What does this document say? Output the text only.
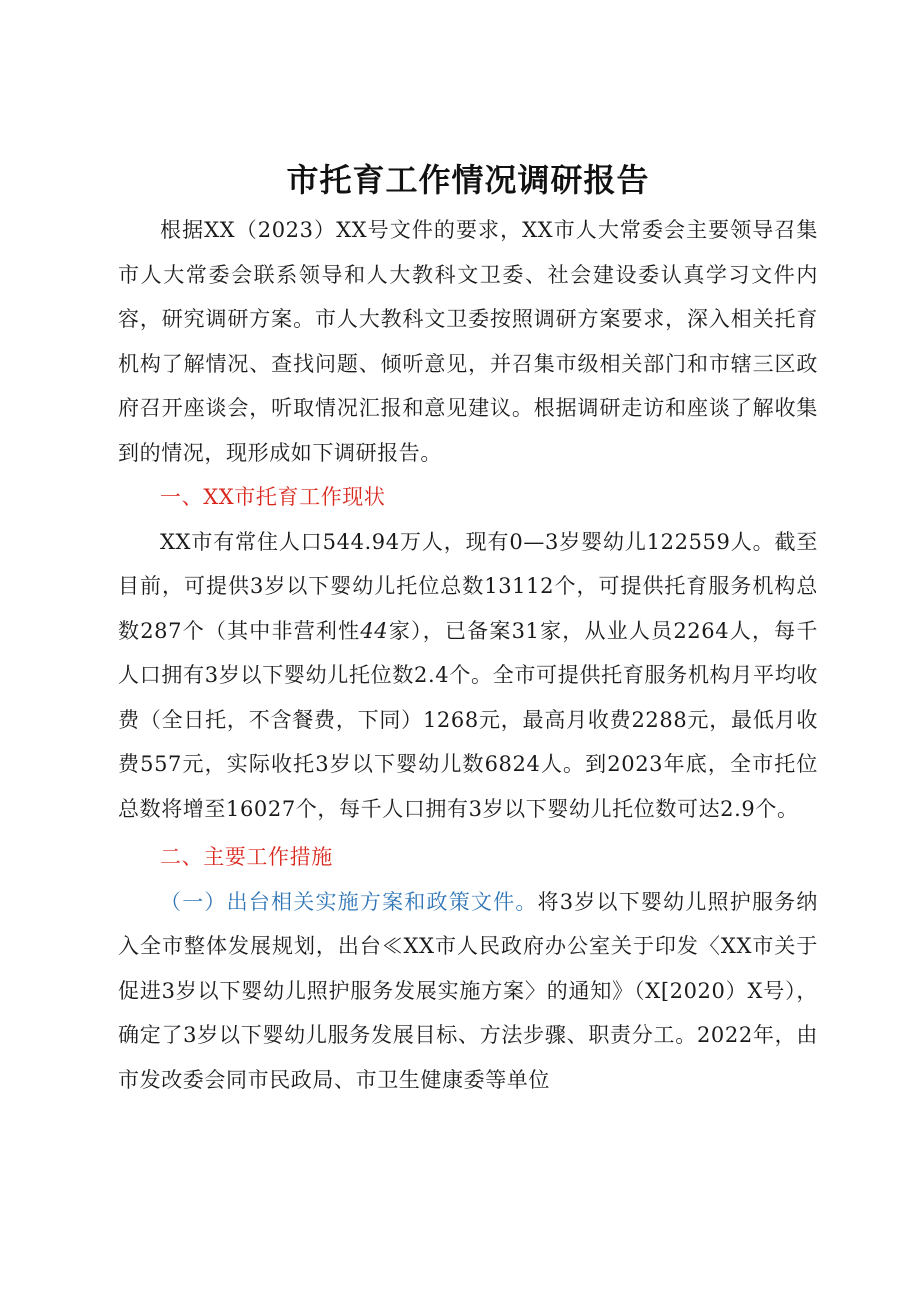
市托育工作情况调研报告

根据XX（2023）XX号文件的要求，XX市人大常委会主要领导召集市人大常委会联系领导和人大教科文卫委、社会建设委认真学习文件内容，研究调研方案。市人大教科文卫委按照调研方案要求，深入相关托育机构了解情况、查找问题、倾听意见，并召集市级相关部门和市辖三区政府召开座谈会，听取情况汇报和意见建议。根据调研走访和座谈了解收集到的情况，现形成如下调研报告。

一、XX市托育工作现状

XX市有常住人口544.94万人，现有0—3岁婴幼儿122559人。截至目前，可提供3岁以下婴幼儿托位总数13112个，可提供托育服务机构总数287个（其中非营利性44家），已备案31家，从业人员2264人，每千人口拥有3岁以下婴幼儿托位数2.4个。全市可提供托育服务机构月平均收费（全日托，不含餐费，下同）1268元，最高月收费2288元，最低月收费557元，实际收托3岁以下婴幼儿数6824人。到2023年底，全市托位总数将增至16027个，每千人口拥有3岁以下婴幼儿托位数可达2.9个。

二、主要工作措施

（一）出台相关实施方案和政策文件。将3岁以下婴幼儿照护服务纳入全市整体发展规划，出台≪XX市人民政府办公室关于印发〈XX市关于促进3岁以下婴幼儿照护服务发展实施方案〉的通知》（X[2020）X号），确定了3岁以下婴幼儿服务发展目标、方法步骤、职责分工。2022年，由市发改委会同市民政局、市卫生健康委等单位
